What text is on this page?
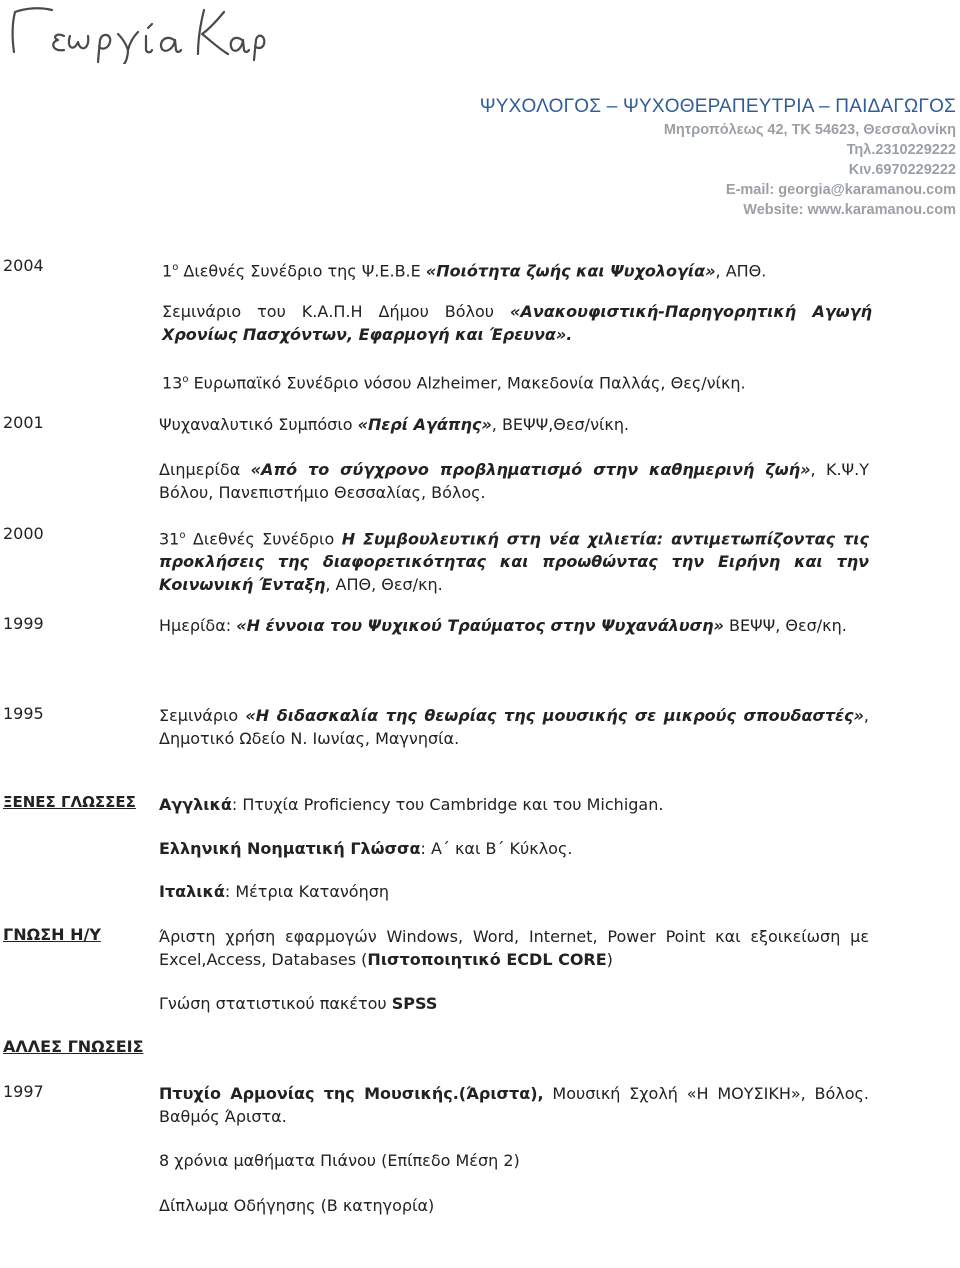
ΨΥΧΟΛΟΓΟΣ – ΨΥΧΟΘΕΡΑΠΕΥΤΡΙΑ – ΠΑΙΔΑΓΩΓΟΣ
Μητροπόλεως 42, ΤΚ 54623, Θεσσαλονίκη
Τηλ.2310229222
Κιν.6970229222
E-mail: georgia@karamanou.com
Website: www.karamanou.com
2004	$1^o$ Διεθνές Συνέδριο της Ψ.Ε.Β.Ε «Ποιότητα ζωής και Ψυχολογία», ΑΠΘ.
Σεμινάριο του Κ.Α.Π.Η Δήμου Βόλου «Ανακουφιστική-Παρηγορητική Αγωγή Χρονίως Πασχόντων, Εφαρμογή και Έρευνα».
$13^o$ Ευρωπαϊκό Συνέδριο νόσου Alzheimer, Μακεδονία Παλλάς, Θες/νίκη.
2001	Ψυχαναλυτικό Συμπόσιο «Περί Αγάπης», ΒΕΨΨ,Θεσ/νίκη.
Διημερίδα «Από το σύγχρονο προβληματισμό στην καθημερινή ζωή», Κ.Ψ.Υ Βόλου, Πανεπιστήμιο Θεσσαλίας, Βόλος.
2000	$31^o$ Διεθνές Συνέδριο Η Συμβουλευτική στη νέα χιλιετία: αντιμετωπίζοντας τις προκλήσεις της διαφορετικότητας και προωθώντας την Ειρήνη και την Κοινωνική Ένταξη, ΑΠΘ, Θεσ/κη.
1999	Ημερίδα: «Η έννοια του Ψυχικού Τραύματος στην Ψυχανάλυση» ΒΕΨΨ, Θεσ/κη.
1995	Σεμινάριο «Η διδασκαλία της θεωρίας της μουσικής σε μικρούς σπουδαστές», Δημοτικό Ωδείο Ν. Ιωνίας, Μαγνησία.
ΞΕΝΕΣ ΓΛΩΣΣΕΣ Αγγλικά: Πτυχία Proficiency του Cambridge και του Michigan.
Ελληνική Νοηματική Γλώσσα: Α΄ και Β΄ Κύκλος.
Ιταλικά: Μέτρια Κατανόηση
ΓΝΩΣΗ Η/Υ	Άριστη χρήση εφαρμογών Windows, Word, Internet, Power Point και εξοικείωση με Excel,Access, Databases (Πιστοποιητικό ECDL CORE)
Γνώση στατιστικού πακέτου SPSS
ΑΛΛΕΣ ΓΝΩΣΕΙΣ
1997	Πτυχίο Αρμονίας της Μουσικής.(Άριστα), Μουσική Σχολή «Η ΜΟΥΣΙΚΗ», Βόλος. Βαθμός Άριστα.
8 χρόνια μαθήματα Πιάνου (Επίπεδο Μέση 2)
Δίπλωμα Οδήγησης (Β κατηγορία)
